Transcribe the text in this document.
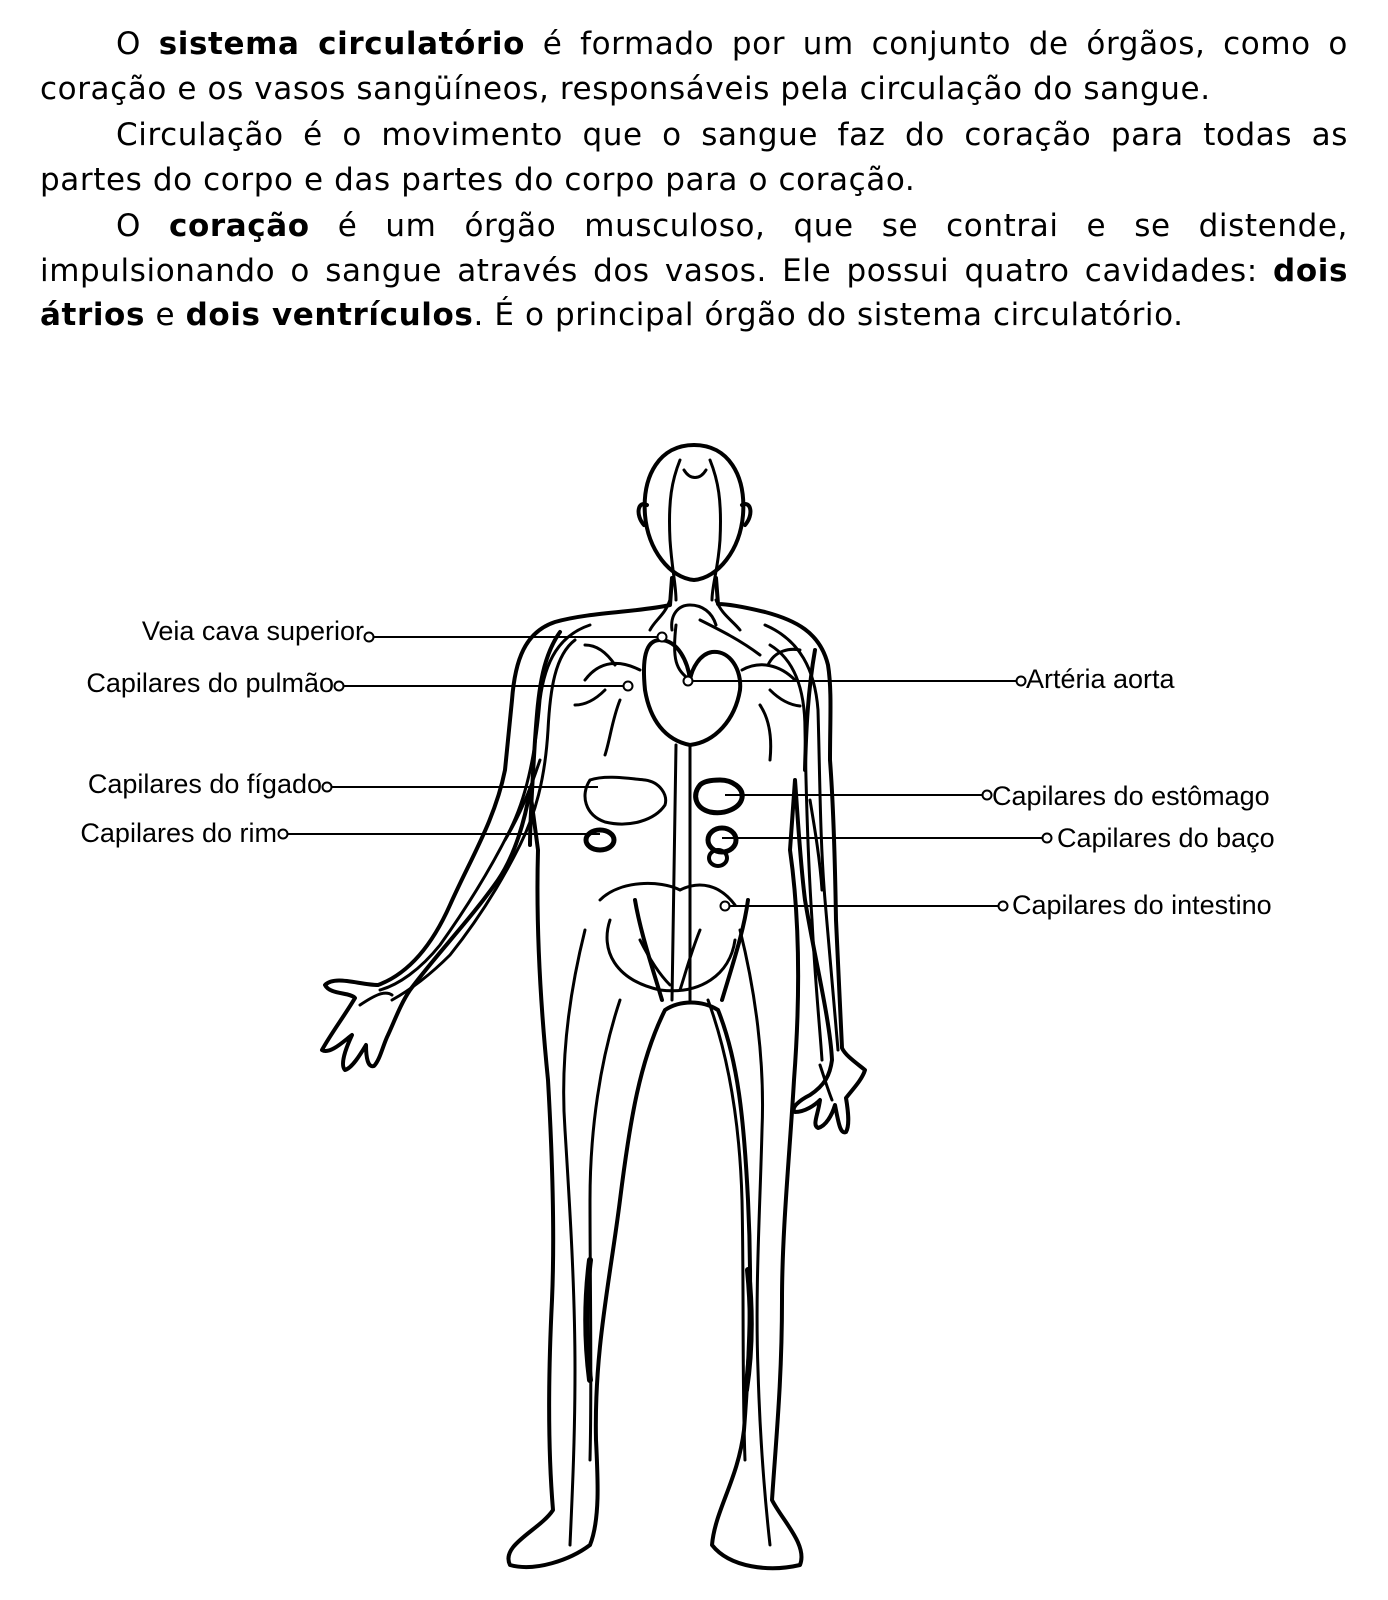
O sistema circulatório é formado por um conjunto de órgãos, como o coração e os vasos sangüíneos, responsáveis pela circulação do sangue.

Circulação é o movimento que o sangue faz do coração para todas as partes do corpo e das partes do corpo para o coração.

O coração é um órgão musculoso, que se contrai e se distende, impulsionando o sangue através dos vasos. Ele possui quatro cavidades: dois átrios e dois ventrículos. É o principal órgão do sistema circulatório.

Veia cava superior
Capilares do pulmão
Capilares do fígado
Capilares do rim
Artéria aorta
Capilares do estômago
Capilares do baço
Capilares do intestino
